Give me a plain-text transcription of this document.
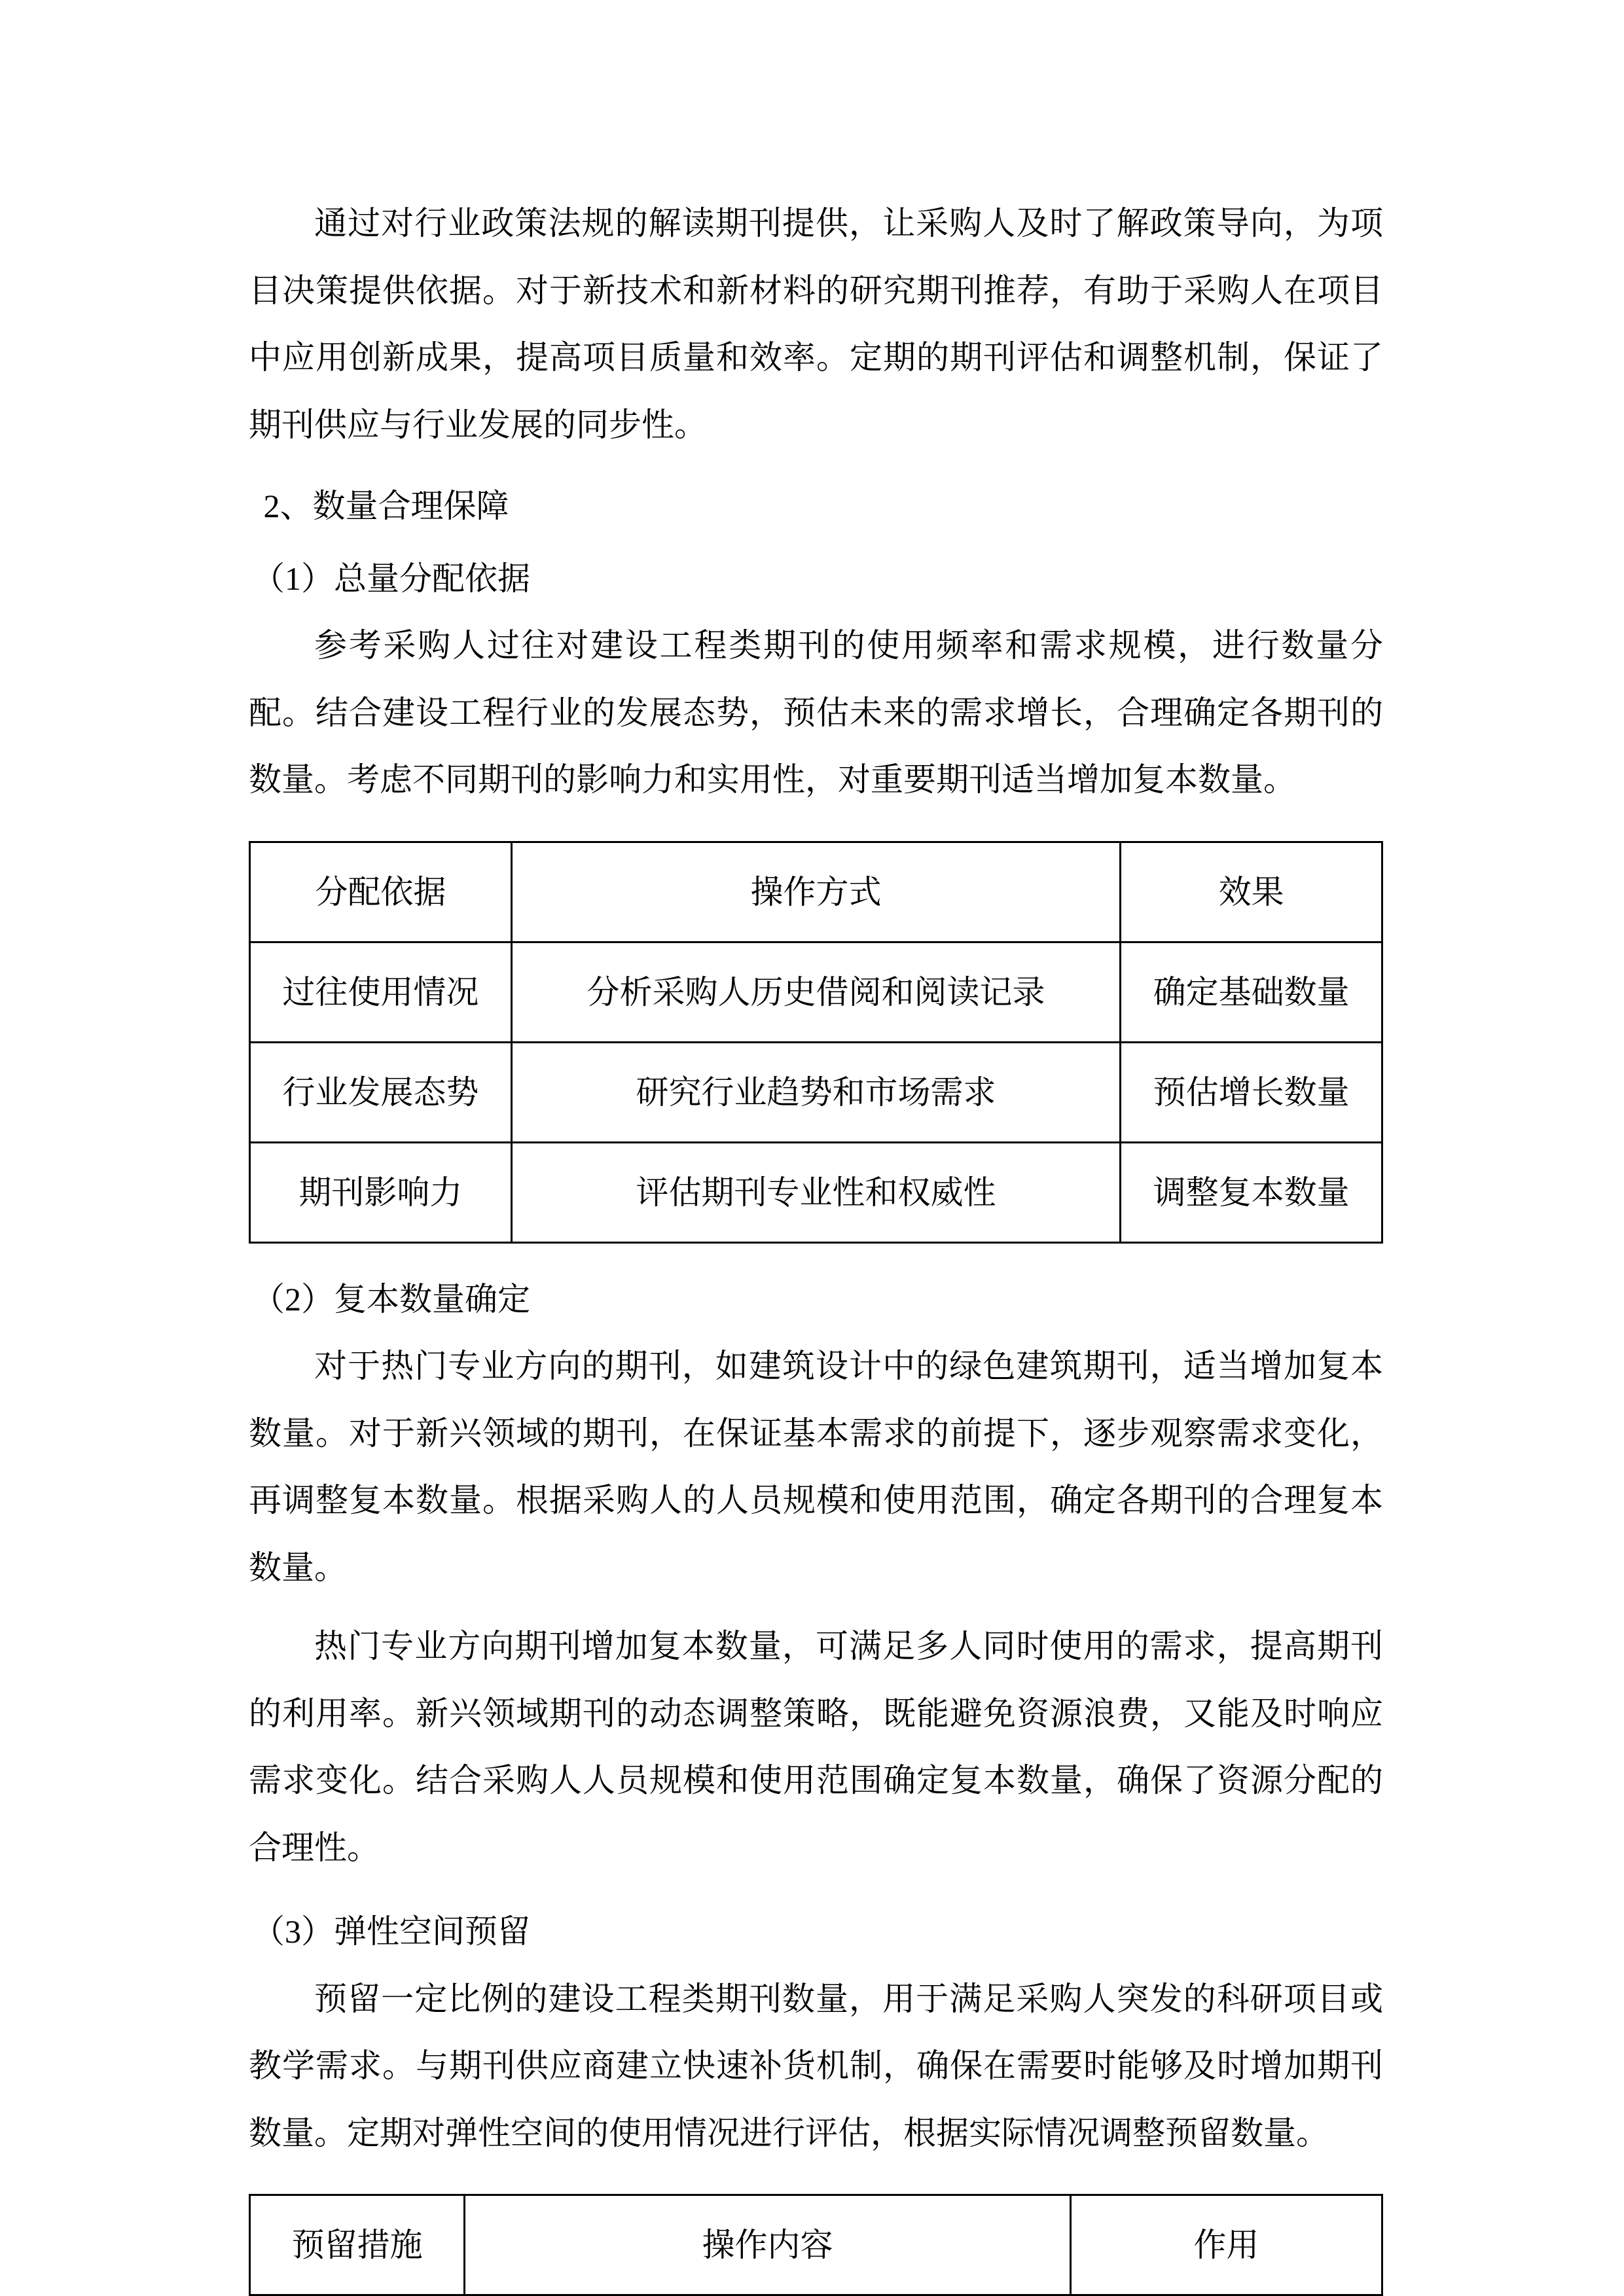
通过对行业政策法规的解读期刊提供，让采购人及时了解政策导向，为项目决策提供依据。对于新技术和新材料的研究期刊推荐，有助于采购人在项目中应用创新成果，提高项目质量和效率。定期的期刊评估和调整机制，保证了期刊供应与行业发展的同步性。

2、数量合理保障

（1）总量分配依据

参考采购人过往对建设工程类期刊的使用频率和需求规模，进行数量分配。结合建设工程行业的发展态势，预估未来的需求增长，合理确定各期刊的数量。考虑不同期刊的影响力和实用性，对重要期刊适当增加复本数量。

分配依据	操作方式	效果
过往使用情况	分析采购人历史借阅和阅读记录	确定基础数量
行业发展态势	研究行业趋势和市场需求	预估增长数量
期刊影响力	评估期刊专业性和权威性	调整复本数量

（2）复本数量确定

对于热门专业方向的期刊，如建筑设计中的绿色建筑期刊，适当增加复本数量。对于新兴领域的期刊，在保证基本需求的前提下，逐步观察需求变化，再调整复本数量。根据采购人的人员规模和使用范围，确定各期刊的合理复本数量。

热门专业方向期刊增加复本数量，可满足多人同时使用的需求，提高期刊的利用率。新兴领域期刊的动态调整策略，既能避免资源浪费，又能及时响应需求变化。结合采购人人员规模和使用范围确定复本数量，确保了资源分配的合理性。

（3）弹性空间预留

预留一定比例的建设工程类期刊数量，用于满足采购人突发的科研项目或教学需求。与期刊供应商建立快速补货机制，确保在需要时能够及时增加期刊数量。定期对弹性空间的使用情况进行评估，根据实际情况调整预留数量。

预留措施	操作内容	作用
